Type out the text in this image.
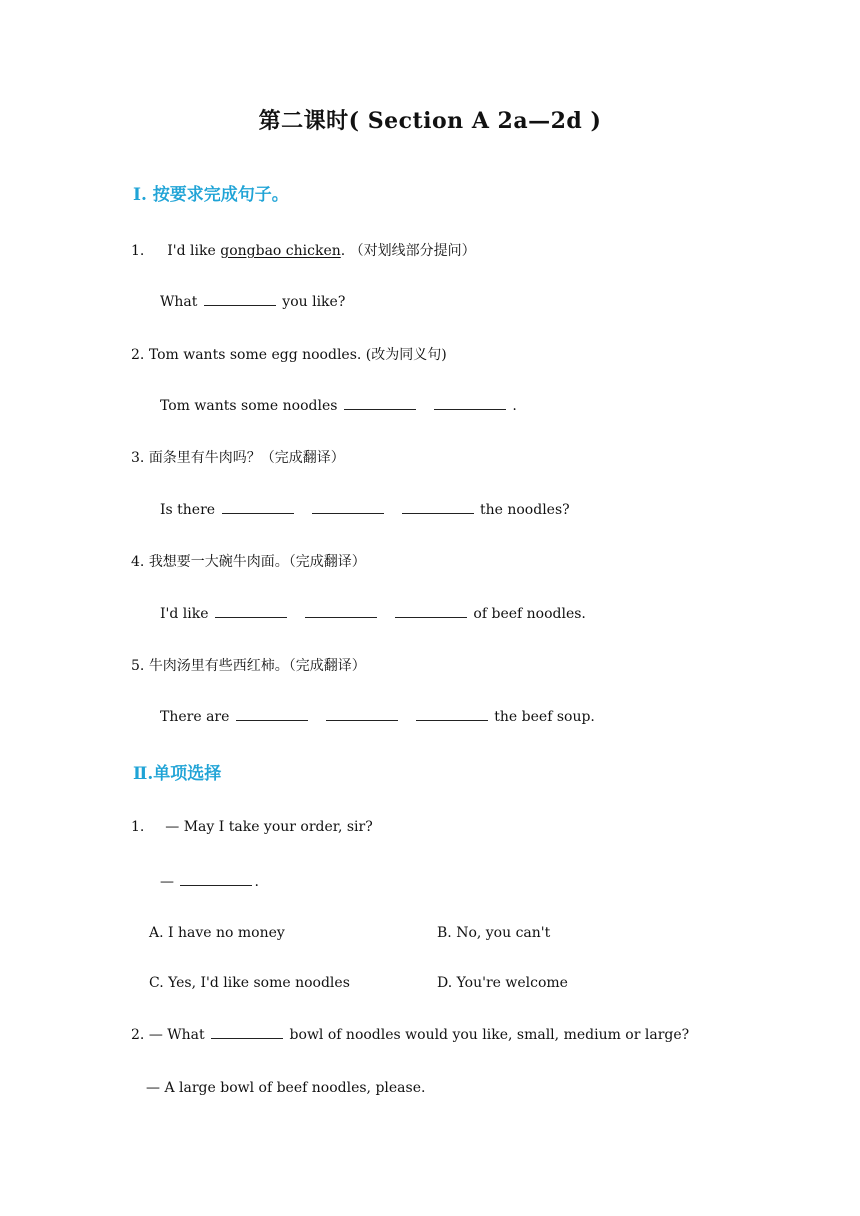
第二课时( Section A 2a—2d )
Ⅰ. 按要求完成句子。
1. I'd like gongbao chicken. （对划线部分提问）
What	you like?
2. Tom wants some egg noodles. (改为同义句)
Tom wants some noodles	.
3. 面条里有牛肉吗？（完成翻译）
Is there	the noodles?
4. 我想要一大碗牛肉面。（完成翻译）
I'd like	of beef noodles.
5. 牛肉汤里有些西红柿。（完成翻译）
There are	the beef soup.
Ⅱ.单项选择
1. — May I take your order, sir?
—	.
A. I have no money	B. No, you can't
C. Yes, I'd like some noodles	D. You're welcome
2. — What	bowl of noodles would you like, small, medium or large?
— A large bowl of beef noodles, please.
